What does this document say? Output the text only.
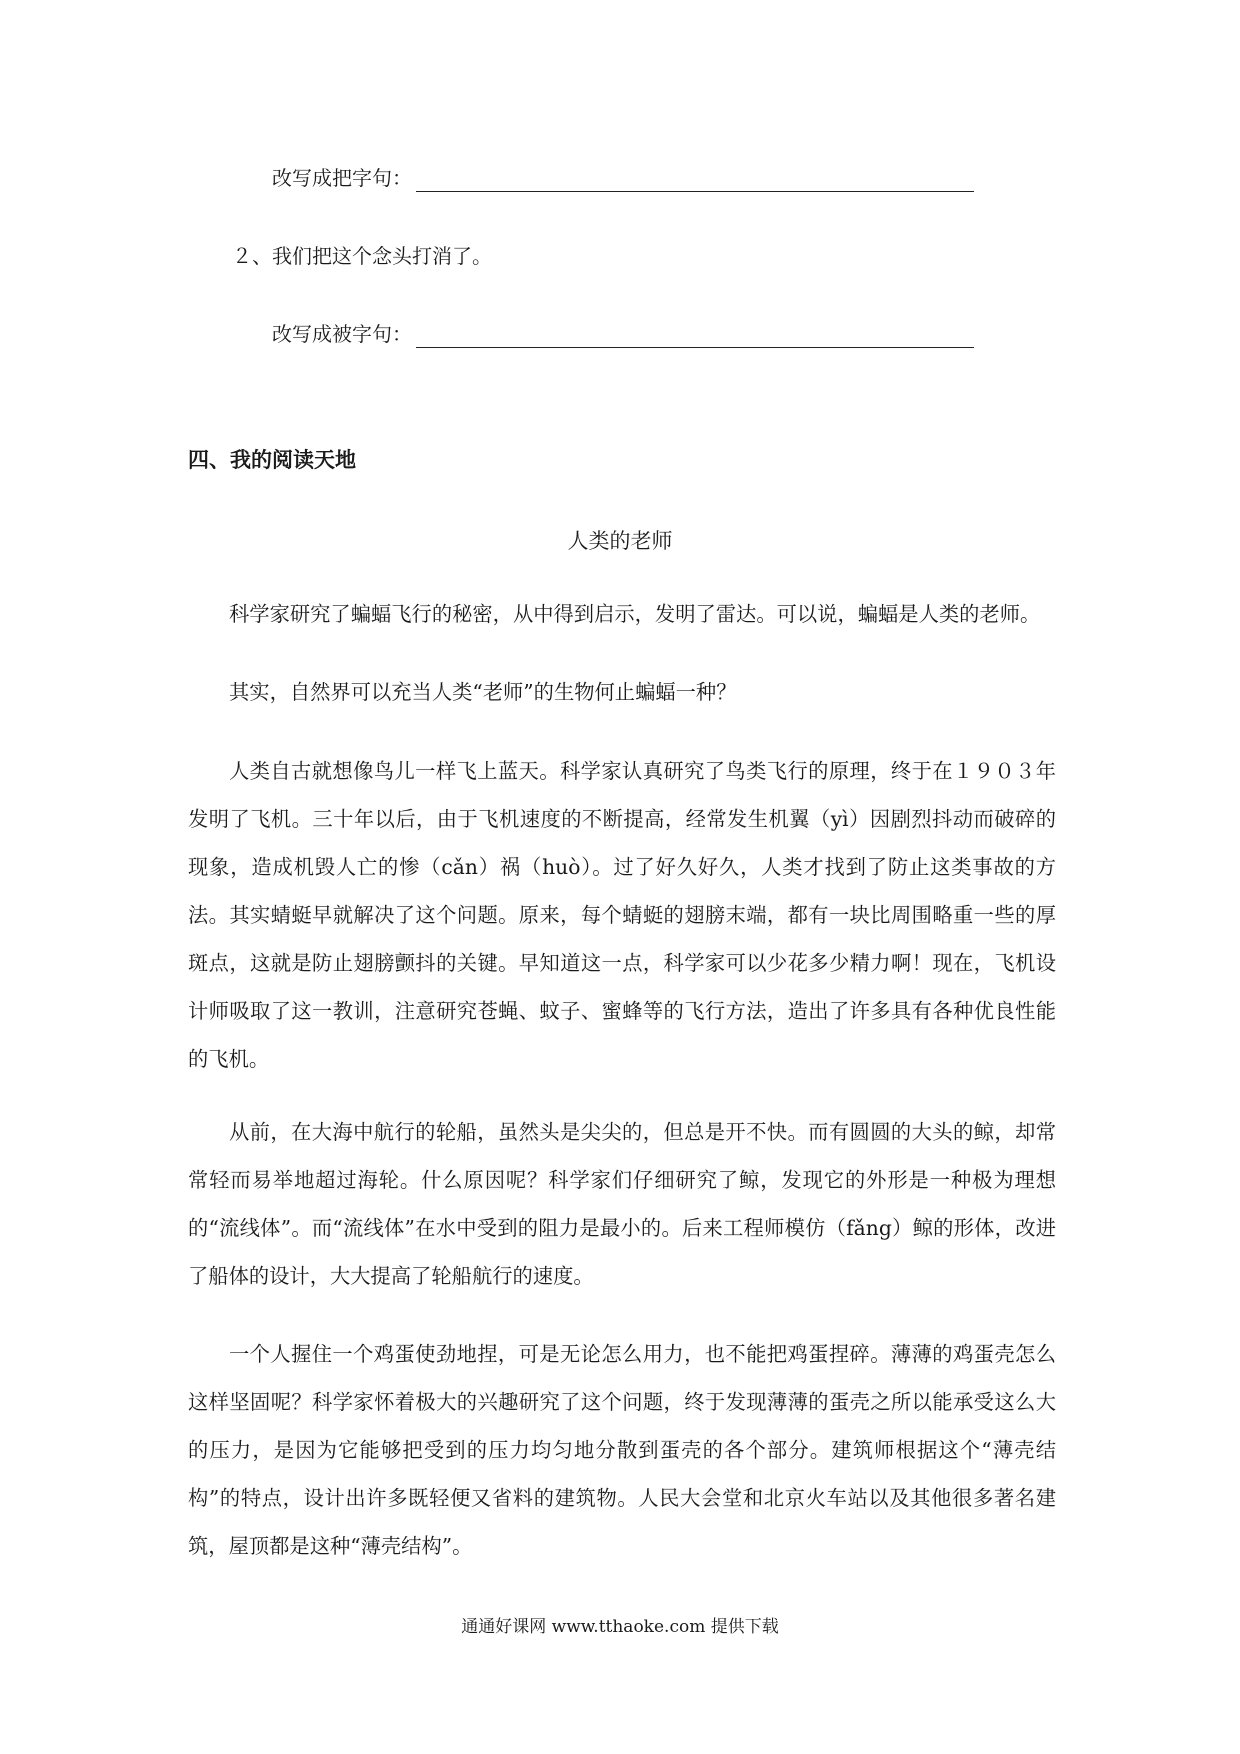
改写成把字句：
２、我们把这个念头打消了。
改写成被字句：
四、我的阅读天地
人类的老师

科学家研究了蝙蝠飞行的秘密，从中得到启示，发明了雷达。可以说，蝙蝠是人类的老师。

其实，自然界可以充当人类“老师”的生物何止蝙蝠一种？

人类自古就想像鸟儿一样飞上蓝天。科学家认真研究了鸟类飞行的原理，终于在１９０３年发明了飞机。三十年以后，由于飞机速度的不断提高，经常发生机翼（yì）因剧烈抖动而破碎的现象，造成机毁人亡的惨（cǎn）祸（huò）。过了好久好久，人类才找到了防止这类事故的方法。其实蜻蜓早就解决了这个问题。原来，每个蜻蜓的翅膀末端，都有一块比周围略重一些的厚斑点，这就是防止翅膀颤抖的关键。早知道这一点，科学家可以少花多少精力啊！现在，飞机设计师吸取了这一教训，注意研究苍蝇、蚊子、蜜蜂等的飞行方法，造出了许多具有各种优良性能的飞机。

从前，在大海中航行的轮船，虽然头是尖尖的，但总是开不快。而有圆圆的大头的鲸，却常常轻而易举地超过海轮。什么原因呢？科学家们仔细研究了鲸，发现它的外形是一种极为理想的“流线体”。而“流线体”在水中受到的阻力是最小的。后来工程师模仿（fǎng）鲸的形体，改进了船体的设计，大大提高了轮船航行的速度。

一个人握住一个鸡蛋使劲地捏，可是无论怎么用力，也不能把鸡蛋捏碎。薄薄的鸡蛋壳怎么这样坚固呢？科学家怀着极大的兴趣研究了这个问题，终于发现薄薄的蛋壳之所以能承受这么大的压力，是因为它能够把受到的压力均匀地分散到蛋壳的各个部分。建筑师根据这个“薄壳结构”的特点，设计出许多既轻便又省料的建筑物。人民大会堂和北京火车站以及其他很多著名建筑，屋顶都是这种“薄壳结构”。

通通好课网 www.tthaoke.com 提供下载
